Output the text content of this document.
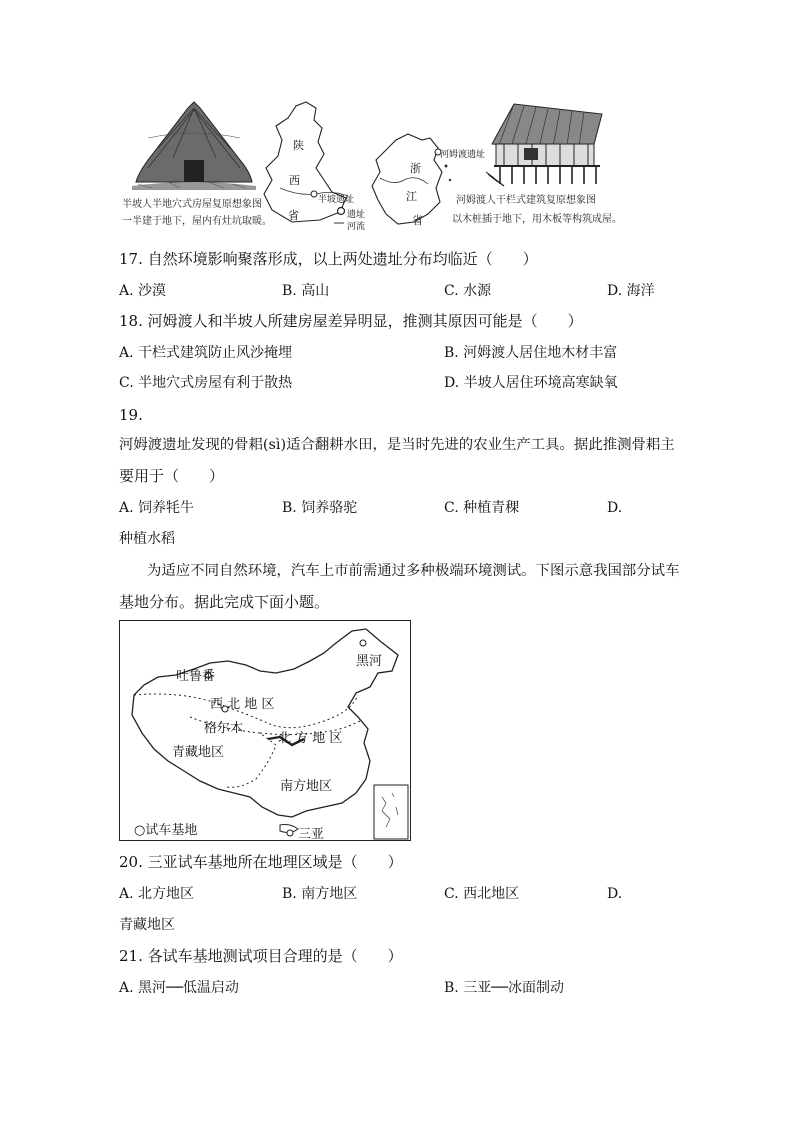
半坡人半地穴式房屋复原想象图
一半建于地下，屋内有灶坑取暖。
陕
西
省
半坡遗址
遗址
河流
浙
江
省
河姆渡遗址
河姆渡人干栏式建筑复原想象图
以木桩插于地下，用木板等构筑成屋。
17. 自然环境影响聚落形成，以上两处遗址分布均临近（　　）
A. 沙漠	B. 高山	C. 水源	D. 海洋
18. 河姆渡人和半坡人所建房屋差异明显，推测其原因可能是（　　）
A. 干栏式建筑防止风沙掩埋	B. 河姆渡人居住地木材丰富
C. 半地穴式房屋有利于散热	D. 半坡人居住环境高寒缺氧
19.
河姆渡遗址发现的骨耜(sì)适合翻耕水田，是当时先进的农业生产工具。据此推测骨耜主
要用于（　　）
A. 饲养牦牛	B. 饲养骆驼	C. 种植青稞	D.
种植水稻
为适应不同自然环境，汽车上市前需通过多种极端环境测试。下图示意我国部分试车
基地分布。据此完成下面小题。
吐鲁番
黑河
格尔木
三亚
西 北 地 区
北 方 地 区
青藏地区
南方地区
○试车基地
20. 三亚试车基地所在地理区域是（　　）
A. 北方地区	B. 南方地区	C. 西北地区	D.
青藏地区
21. 各试车基地测试项目合理的是（　　）
A. 黑河──低温启动	B. 三亚──冰面制动
